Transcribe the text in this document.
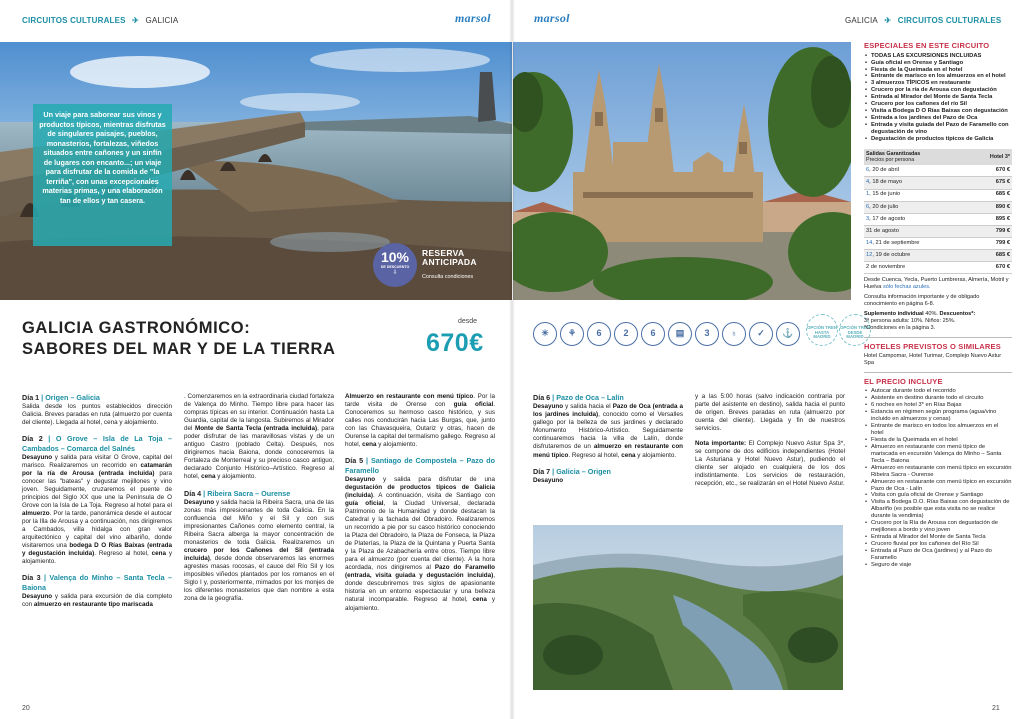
CIRCUITOS CULTURALES ✈ GALICIA	marsol
Un viaje para saborear sus vinos y productos típicos, mientras disfrutas de singulares paisajes, pueblos, monasterios, fortalezas, viñedos situados entre cañones y un sinfín de lugares con encanto...; un viaje para disfrutar de la comida de "la terriña", con unas excepcionales materias primas, y una elaboración tan de ellos y tan casera.
10%
DE DESCUENTO
⇩
RESERVA
ANTICIPADA
Consulta condiciones
GALICIA GASTRONÓMICO:
SABORES DEL MAR Y DE LA TIERRA
desde
670€
Día 1 | Origen – Galicia
Salida desde los puntos establecidos dirección Galicia. Breves paradas en ruta (almuerzo por cuenta del cliente). Llegada al hotel, cena y alojamiento.
Día 2 | O Grove – Isla de La Toja – Cambados – Comarca del Salnés
Desayuno y salida para visitar O Grove, capital del marisco. Realizaremos un recorrido en catamarán por la ría de Arousa (entrada incluida) para conocer las "bateas" y degustar mejillones y vino joven. Seguidamente, cruzaremos el puente de principios del Siglo XX que une la Península de O Grove con la Isla de La Toja. Regreso al hotel para el almuerzo. Por la tarde, panorámica desde el autocar por la Illa de Arousa y a continuación, nos dirigiremos a Cambados, villa hidalga con gran valor arquitectónico y capital del vino albariño, donde visitaremos una bodega D O Rías Baixas (entrada y degustación incluida). Regreso al hotel, cena y alojamiento.
Día 3 | Valença do Minho – Santa Tecla – Baiona
Desayuno y salida para excursión de día completo con almuerzo en restaurante tipo mariscada
. Comenzaremos en la extraordinaria ciudad fortaleza de Valença do Minho. Tiempo libre para hacer las compras típicas en su interior. Continuación hasta La Guardia, capital de la langosta. Subiremos al Mirador del Monte de Santa Tecla (entrada incluida), para poder disfrutar de las maravillosas vistas y de un antiguo Castro (poblado Celta). Después, nos dirigiremos hacia Baiona, donde conoceremos la Fortaleza de Monterreal y su precioso casco antiguo, declarado Conjunto Histórico–Artístico. Regreso al hotel, cena y alojamiento.
Día 4 | Ribeira Sacra – Ourense
Desayuno y salida hacia la Ribeira Sacra, una de las zonas más impresionantes de toda Galicia. En la confluencia del Miño y el Sil y con sus impresionantes Cañones como elemento central, la Ribeira Sacra alberga la mayor concentración de monasterios de toda Galicia. Realizaremos un crucero por los Cañones del Sil (entrada incluida), desde donde observaremos las enormes agrestes masas rocosas, el cauce del Río Sil y los imposibles viñedos plantados por los romanos en el Siglo I y, posteriormente, mimados por los monjes de los diferentes monasterios que dan nombre a esta zona de la geografía.
Almuerzo en restaurante con menú típico. Por la tarde visita de Orense con guía oficial. Conoceremos su hermoso casco histórico, y sus calles nos conducirán hacia Las Burgas, que, junto con las Chavasqueira, Outariz y otras, hacen de Ourense la capital del termalismo gallego. Regreso al hotel, cena y alojamiento.
Día 5 | Santiago de Compostela – Pazo do Faramello
Desayuno y salida para disfrutar de una degustación de productos típicos de Galicia (incluida). A continuación, visita de Santiago con guía oficial, la Ciudad Universal, declarada Patrimonio de la Humanidad y donde destacan la Catedral y la fachada del Obradoiro. Realizaremos un recorrido a pie por su casco histórico conociendo la Plaza del Obradoiro, la Plaza de Fonseca, la Plaza de Platerías, la Plaza de la Quintana y Puerta Santa y la Plaza de Azabachería entre otros. Tiempo libre para el almuerzo (por cuenta del cliente). A la hora acordada, nos dirigiremos al Pazo do Faramello (entrada, visita guiada y degustación incluida), donde descubriremos tres siglos de apasionante historia en un entorno espectacular y una belleza natural incomparable. Regreso al hotel, cena y alojamiento.
20
marsol	GALICIA ✈ CIRCUITOS CULTURALES
☀	⚘	6	2	6	▤	3	♁	✓	⚓
OPCIÓN TREN HASTA MADRID
OPCIÓN TREN DESDE MADRID
Día 6 | Pazo de Oca – Lalín
Desayuno y salida hacia el Pazo de Oca (entrada a los jardines incluida), conocido como el Versalles gallego por la belleza de sus jardines y declarado Monumento Histórico-Artístico. Seguidamente continuaremos hacia la villa de Lalín, donde disfrutaremos de un almuerzo en restaurante con menú típico. Regreso al hotel, cena y alojamiento.
Día 7 | Galicia – Origen
Desayuno
y a las 5:00 horas (salvo indicación contraria por parte del asistente en destino), salida hacia el punto de origen. Breves paradas en ruta (almuerzo por cuenta del cliente). Llegada y fin de nuestros servicios.
Nota importante: El Complejo Nuevo Astur Spa 3*, se compone de dos edificios independientes (Hotel La Asturiana y Hotel Nuevo Astur), pudiendo el cliente ser alojado en cualquiera de los dos indistintamente. Los servicios de restauración, recepción, etc., se realizarán en el Hotel Nuevo Astur.
ESPECIALES EN ESTE CIRCUITO
• TODAS LAS EXCURSIONES INCLUIDAS
• Guía oficial en Orense y Santiago
• Fiesta de la Queimada en el hotel
• Entrante de marisco en los almuerzos en el hotel
• 3 almuerzos TÍPICOS en restaurante
• Crucero por la ría de Arousa con degustación
• Entrada al Mirador del Monte de Santa Tecla
• Crucero por los cañones del río Sil
• Visita a Bodega D O Rías Baixas con degustación
• Entrada a los jardines del Pazo de Oca
• Entrada y visita guiada del Pazo de Faramello con degustación de vino
• Degustación de productos típicos de Galicia
Salidas Garantizadas
Precios por persona	Hotel 3*
6, 20 de abril	670 €
4, 18 de mayo	675 €
1, 15 de junio	685 €
6, 20 de julio	890 €
3, 17 de agosto	895 €
31 de agosto	799 €
14, 21 de septiembre	799 €
12, 19 de octubre	685 €
2 de noviembre	670 €
Desde Cuenca, Yecla, Puerto Lumbreras, Almería, Motril y Huelva sólo fechas azules.
Consulta información importante y de obligado conocimiento en página 6-8.
Suplemento individual 40%. Descuentos*:
3ª persona adulta: 10%. Niños: 25%.
*Condiciones en la página 3.
HOTELES PREVISTOS O SIMILARES
Hotel Campomar, Hotel Turimar, Complejo Nuevo Astur Spa
EL PRECIO INCLUYE
• Autocar durante todo el recorrido
• Asistente en destino durante todo el circuito
• 6 noches en hotel 3* en Rías Bajas
• Estancia en régimen según programa (agua/vino incluido en almuerzos y cenas)
• Entrante de marisco en todos los almuerzos en el hotel
• Fiesta de la Queimada en el hotel
• Almuerzo en restaurante con menú típico de mariscada en excursión Valença do Minho – Santa Tecla – Baiona
• Almuerzo en restaurante con menú típico en excursión Ribeira Sacra - Ourense
• Almuerzo en restaurante con menú típico en excursión Pazo de Oca - Lalín
• Visita con guía oficial de Orense y Santiago
• Visita a Bodega D.O. Rías Baixas con degustación de Albariño (es posible que esta visita no se realice durante la vendimia)
• Crucero por la Ría de Arousa con degustación de mejillones a bordo y vino joven
• Entrada al Mirador del Monte de Santa Tecla
• Crucero fluvial por los cañones del Río Sil
• Entrada al Pazo de Oca (jardines) y al Pazo do Faramello
• Seguro de viaje
21
